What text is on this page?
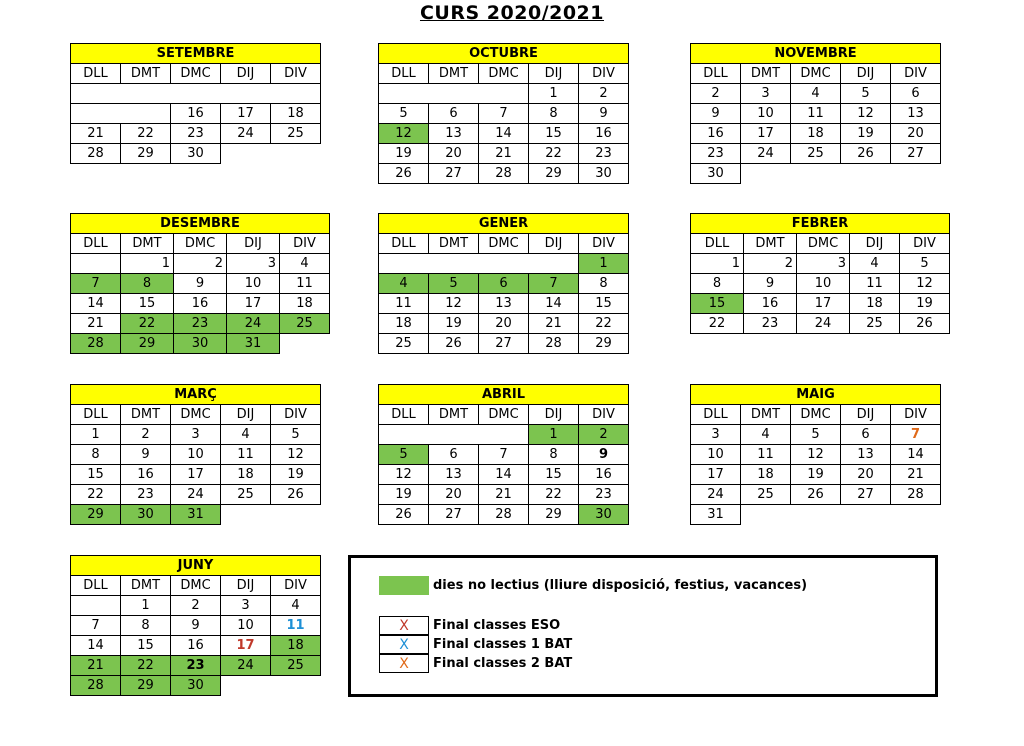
CURS 2020/2021
SETEMBRE				
DLL	DMT	DMC	DIJ	DIV

		16	17	18
21	22	23	24	25
28	29	30		
OCTUBRE				
DLL	DMT	DMC	DIJ	DIV
			1	2
5	6	7	8	9
12	13	14	15	16
19	20	21	22	23
26	27	28	29	30
NOVEMBRE				
DLL	DMT	DMC	DIJ	DIV
2	3	4	5	6
9	10	11	12	13
16	17	18	19	20
23	24	25	26	27
30				
DESEMBRE				
DLL	DMT	DMC	DIJ	DIV
	1	2	3	4
7	8	9	10	11
14	15	16	17	18
21	22	23	24	25
28	29	30	31	
GENER				
DLL	DMT	DMC	DIJ	DIV
				1
4	5	6	7	8
11	12	13	14	15
18	19	20	21	22
25	26	27	28	29
FEBRER				
DLL	DMT	DMC	DIJ	DIV
1	2	3	4	5
8	9	10	11	12
15	16	17	18	19
22	23	24	25	26
MARÇ				
DLL	DMT	DMC	DIJ	DIV
1	2	3	4	5
8	9	10	11	12
15	16	17	18	19
22	23	24	25	26
29	30	31		
ABRIL				
DLL	DMT	DMC	DIJ	DIV
			1	2
5	6	7	8	9
12	13	14	15	16
19	20	21	22	23
26	27	28	29	30
MAIG				
DLL	DMT	DMC	DIJ	DIV
3	4	5	6	7
10	11	12	13	14
17	18	19	20	21
24	25	26	27	28
31				
JUNY				
DLL	DMT	DMC	DIJ	DIV
	1	2	3	4
7	8	9	10	11
14	15	16	17	18
21	22	23	24	25
28	29	30		
dies no lectius (lliure disposició, festius, vacances)
X	Final classes ESO
X	Final classes 1 BAT
X	Final classes 2 BAT
